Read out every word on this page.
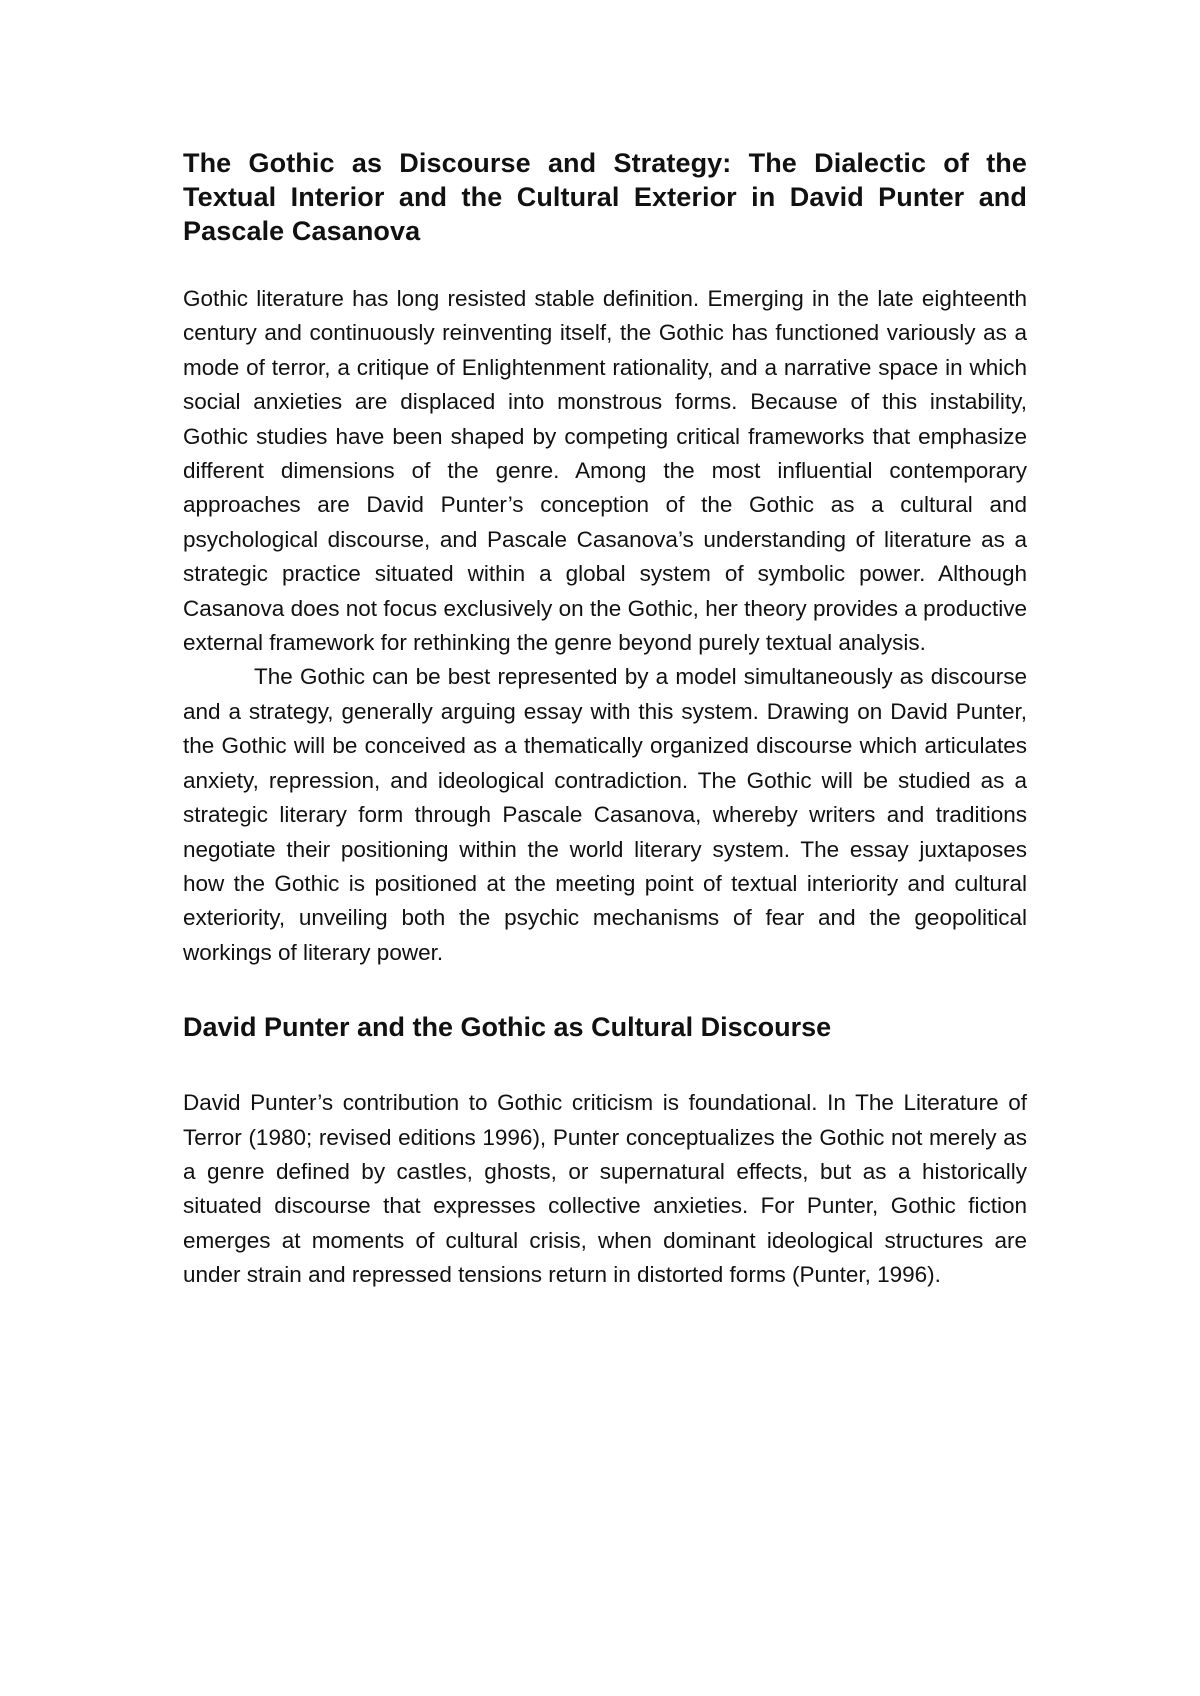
The Gothic as Discourse and Strategy: The Dialectic of the Textual Interior and the Cultural Exterior in David Punter and Pascale Casanova

Gothic literature has long resisted stable definition. Emerging in the late eighteenth century and continuously reinventing itself, the Gothic has functioned variously as a mode of terror, a critique of Enlightenment rationality, and a narrative space in which social anxieties are displaced into monstrous forms. Because of this instability, Gothic studies have been shaped by competing critical frameworks that emphasize different dimensions of the genre. Among the most influential contemporary approaches are David Punter’s conception of the Gothic as a cultural and psychological discourse, and Pascale Casanova’s understanding of literature as a strategic practice situated within a global system of symbolic power. Although Casanova does not focus exclusively on the Gothic, her theory provides a productive external framework for rethinking the genre beyond purely textual analysis.

The Gothic can be best represented by a model simultaneously as discourse and a strategy, generally arguing essay with this system. Drawing on David Punter, the Gothic will be conceived as a thematically organized discourse which articulates anxiety, repression, and ideological contradiction. The Gothic will be studied as a strategic literary form through Pascale Casanova, whereby writers and traditions negotiate their positioning within the world literary system. The essay juxtaposes how the Gothic is positioned at the meeting point of textual interiority and cultural exteriority, unveiling both the psychic mechanisms of fear and the geopolitical workings of literary power.

David Punter and the Gothic as Cultural Discourse

David Punter’s contribution to Gothic criticism is foundational. In The Literature of Terror (1980; revised editions 1996), Punter conceptualizes the Gothic not merely as a genre defined by castles, ghosts, or supernatural effects, but as a historically situated discourse that expresses collective anxieties. For Punter, Gothic fiction emerges at moments of cultural crisis, when dominant ideological structures are under strain and repressed tensions return in distorted forms (Punter, 1996).
